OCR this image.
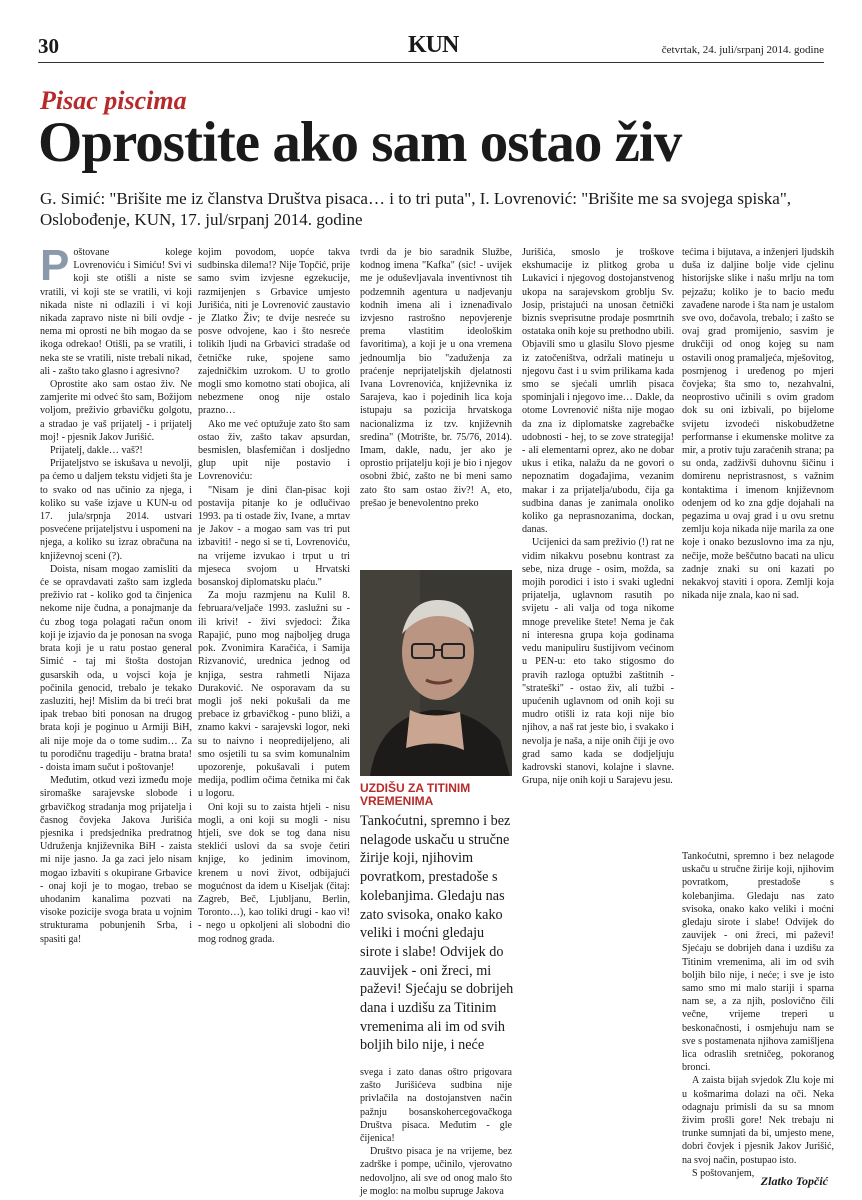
30	KUN	četvrtak, 24. juli/srpanj 2014. godine
Pisac piscima
Oprostite ako sam ostao živ
G. Simić: "Brišite me iz članstva Društva pisaca… i to tri puta", I. Lovrenović: "Brišite me sa svojega spiska", Oslobođenje, KUN, 17. jul/srpanj 2014. godine
P oštovane kolege Lovrenoviću i Simiću! Svi vi koji ste otišli a niste se vratili, vi koji ste se vratili, vi koji nikada niste ni odlazili i vi koji nikada zapravo niste ni bili ovdje - nema mi oprosti ne bih mogao da se ikoga odrekao! Otišli, pa se vratili, i neka ste se vratili, niste trebali nikad, ali - zašto tako glasno i agresivno?

Oprostite ako sam ostao živ. Ne zamjerite mi odveć što sam, Božijom voljom, preživio grbavičku golgotu, a stradao je vaš prijatelj - i prijatelj moj! - pjesnik Jakov Jurišić.

Prijatelj, dakle… vaš?!

Prijateljstvo se iskušava u nevolji, pa ćemo u daljem tekstu vidjeti šta je to svako od nas učinio za njega, i koliko su vaše izjave u KUN-u od 17. jula/srpnja 2014. ustvari posvećene prijateljstvu i uspomeni na njega, a koliko su izraz obračuna na književnoj sceni (?).

Doista, nisam mogao zamisliti da će se opravdavati zašto sam izgleda preživio rat - koliko god ta činjenica nekome nije čudna, a ponajmanje da ću zbog toga polagati račun onom koji je izjavio da je ponosan na svoga brata koji je u ratu postao general Simić - taj mi štošta dostojan gusarskih oda, u vojsci koja je počinila genocid, trebalo je tekako zasluziti, hej! Mislim da bi treći brat ipak trebao biti ponosan na drugog brata koji je poginuo u Armiji BiH, ali nije moje da o tome sudim… Za tu porodičnu tragediju - bratna brata! - doista imam sučut i poštovanje!

Međutim, otkud vezi između moje siromaške sarajevske slobode i grbavičkog stradanja mog prijatelja i časnog čovjeka Jakova Jurišića pjesnika i predsjednika predratnog Udruženja književnika BiH - zaista mi nije jasno. Ja ga zaci jelo nisam mogao izbaviti s okupirane Grbavice - onaj koji je to mogao, trebao se uhodanim kanalima pozvati na visoke pozicije svoga brata u vojnim strukturama pobunjenih Srba, i spasiti ga!

kojim povodom, uopće takva sudbinska dilema!? Nije Topčić, prije samo svim izvjesne egzekucije, razmijenjen s Grbavice umjesto Jurišića, niti je Lovrenović zaustavio je Zlatko Živ; te dvije nesreće su posve odvojene, kao i što nesreće tolikih ljudi na Grbavici stradaše od četničke ruke, spojene samo zajedničkim uzrokom. U to grotlo mogli smo komotno stati obojica, ali nebezmene onog nije ostalo prazno…

Ako me već optužuje zato što sam ostao živ, zašto takav apsurdan, besmislen, blasfemičan i dosljedno glup upit nije postavio i Lovrenoviću:

"Nisam je dini član-pisac koji postavija pitanje ko je odlučivao 1993. pa ti ostade živ, Ivane, a mrtav je Jakov - a mogao sam vas tri put izbaviti! - nego si se ti, Lovrenoviću, na vrijeme izvukao i trput u tri mjeseca svojom u Hrvatski bosanskoj diplomatsku plaću."

Za moju razmjenu na Kulil 8. februara/veljače 1993. zaslužni su - ili krivi! - živi svjedoci: Žika Rapajić, puno mog najboljeg druga pok. Zvonimira Karačića, i Samija Rizvanović, urednica jednog od knjiga, sestra rahmetli Nijaza Duraković. Ne osporavam da su mogli još neki pokušali da me prebace iz grbavičkog - puno bliži, a znamo kakvi - sarajevski logor, neki su to naivno i neopredijeljeno, ali smo osjetili tu sa svim komunalnim upozorenje, pokušavali i putem medija, podlim očima četnika mi čak u logoru.

Oni koji su to zaista htjeli - nisu mogli, a oni koji su mogli - nisu htjeli, sve dok se tog dana nisu steklići uslovi da sa svoje četiri knjige, ko jedinim imovinom, krenem u novi život, odbijajući mogućnost da idem u Kiseljak (čitaj: Zagreb, Beč, Ljubljanu, Berlin, Toronto…), kao toliki drugi - kao vi! - nego u opkoljeni ali slobodni dio mog rodnog grada.

tvrdi da je bio saradnik Službe, kodnog imena "Kafka" (sic! - uvijek me je oduševljavala inventivnost tih podzemnih agentura u nadjevanju kodnih imena ali i iznenađivalo izvjesno rastrošno nepovjerenje prema vlastitim ideološkim favoritima), a koji je u ona vremena jednoumlja bio "zaduženja za praćenje neprijateljskih djelatnosti Ivana Lovrenovića, književnika iz Sarajeva, kao i pojedinih lica koja istupaju sa pozicija hrvatskoga nacionalizma iz tzv. književnih sredina" (Motrište, br. 75/76, 2014). Imam, dakle, nadu, jer ako je oprostio prijatelju koji je bio i njegov osobni žbić, zašto ne bi meni samo zato što sam ostao živ?! A, eto, prešao je benevolentno preko

svega i zato danas oštro prigovara zašto Jurišićeva sudbina nije privlačila na dostojanstven način pažnju bosanskohercegovačkoga Društva pisaca. Međutim - gle čijenica!

Društvo pisaca je na vrijeme, bez zadrške i pompe, učinilo, vjerovatno nedovoljno, ali sve od onog malo što je moglo: na molbu supruge Jakova

Jurišića, smoslo je troškove ekshumacije iz plitkog groba u Lukavici i njegovog dostojanstvenog ukopa na sarajevskom groblju Sv. Josip, pristajući na unosan četnički biznis sveprisutne prodaje posmrtnih ostataka onih koje su prethodno ubili. Objavili smo u glasilu Slovo pjesme iz zatočeništva, održali matineju u njegovu čast i u svim prilikama kada smo se sjećali umrlih pisaca spominjali i njegovo ime… Dakle, da otome Lovrenović ništa nije mogao da zna iz diplomatske zagrebačke udobnosti - hej, to se zove strategija! - ali elementarni oprez, ako ne dobar ukus i etika, nalažu da ne govori o nepoznatim događajima, vezanim makar i za prijatelja/ubodu, čija ga sudbina danas je zanimala onoliko koliko ga neprasnozanima, dockan, danas.

Ucijenici da sam preživio (!) rat ne vidim nikakvu posebnu kontrast za sebe, niza druge - osim, možda, sa mojih porodici i isto i svaki ugledni prijatelja, uglavnom rasutih po svijetu - ali valja od toga nikome mnoge prevelike štete! Nema je čak ni interesna grupa koja godinama vedu manipuliru šustijivom većinom u PEN-u: eto tako stigosmo do pravih razloga optužbi zaštitnih - "strateški" - ostao živ, ali tužbi - upućenih uglavnom od onih koji su mudro otišli iz rata koji nije bio njihov, a naš rat jeste bio, i svakako i nevolja je naša, a nije onih čiji je ovo grad samo kada se dodjeljuju kadrovski stanovi, kolajne i slavne. Grupa, nije onih koji u Sarajevu jesu.

tećima i bijutava, a inženjeri ljudskih duša iz daljine bolje vide cjelinu historijske slike i našu mrlju na tom pejzažu; koliko je to bacio među zavađene narode i šta nam je ustalom sve ovo, dočavola, trebalo; i zašto se ovaj grad promijenio, sasvim je drukčiji od onog kojeg su nam ostavili onog pramaljeća, mješovitog, posrnjenog i uređenog po mjeri čovjeka; šta smo to, nezahvalni, neoprostivo učinili s ovim gradom dok su oni izbivali, po bijelome svijetu izvodeći niskobudžetne performanse i ekumenske molitve za mir, a protiv tuju zaraćenih strana; pa su onda, zadživši duhovnu šičinu i domirenu nepristrasnost, s važnim kontaktima i imenom književnom odenjem od ko zna gdje dojahali na pegazima u ovaj grad i u ovu sretnu zemlju koja nikada nije marila za one koje i onako bezuslovno ima za nju, nečije, može beščutno bacati na ulicu zadnje znaki su oni kazati po nekakvoj staviti i opora. Zemlji koja nikada nije znala, kao ni sad.

Tankoćutni, spremno i bez nelagode uskaču u stručne žirije koji, njihovim povratkom, prestadoše s kolebanjima. Gledaju nas zato svisoka, onako kako veliki i moćni gledaju sirote i slabe! Odvijek do zauvijek - oni žreci, mi paževi! Sjećaju se dobrijeh dana i uzdišu za Titinim vremenima, ali im od svih boljih bilo nije, i neće; i sve je isto samo smo mi malo stariji i sparna nam se, a za njih, poslovično čili večne, vrijeme treperi u beskonačnosti, i osmjehuju nam se sve s postamenata njihova zamišljena lica odraslih sretničeg, pokoranog bronci.

A zaista bijah svjedok Zlu koje mi u košmarima dolazi na oči. Neka odagnaju primisli da su sa mnom živim prošli gore! Nek trebaju ni trunke sumnjati da bi, umjesto mene, dobri čovjek i pjesnik Jakov Jurišić, na svoj način, postupao isto.

S poštovanjem,

UZDIŠU ZA TITINIM VREMENIMA
Tankoćutni, spremno i bez nelagode uskaču u stručne žirije koji, njihovim povratkom, prestadoše s kolebanjima. Gledaju nas zato svisoka, onako kako veliki i moćni gledaju sirote i slabe! Odvijek do zauvijek - oni žreci, mi paževi! Sjećaju se dobrijeh dana i uzdišu za Titinim vremenima ali im od svih boljih bilo nije, i neće
Zlatko Topčić
